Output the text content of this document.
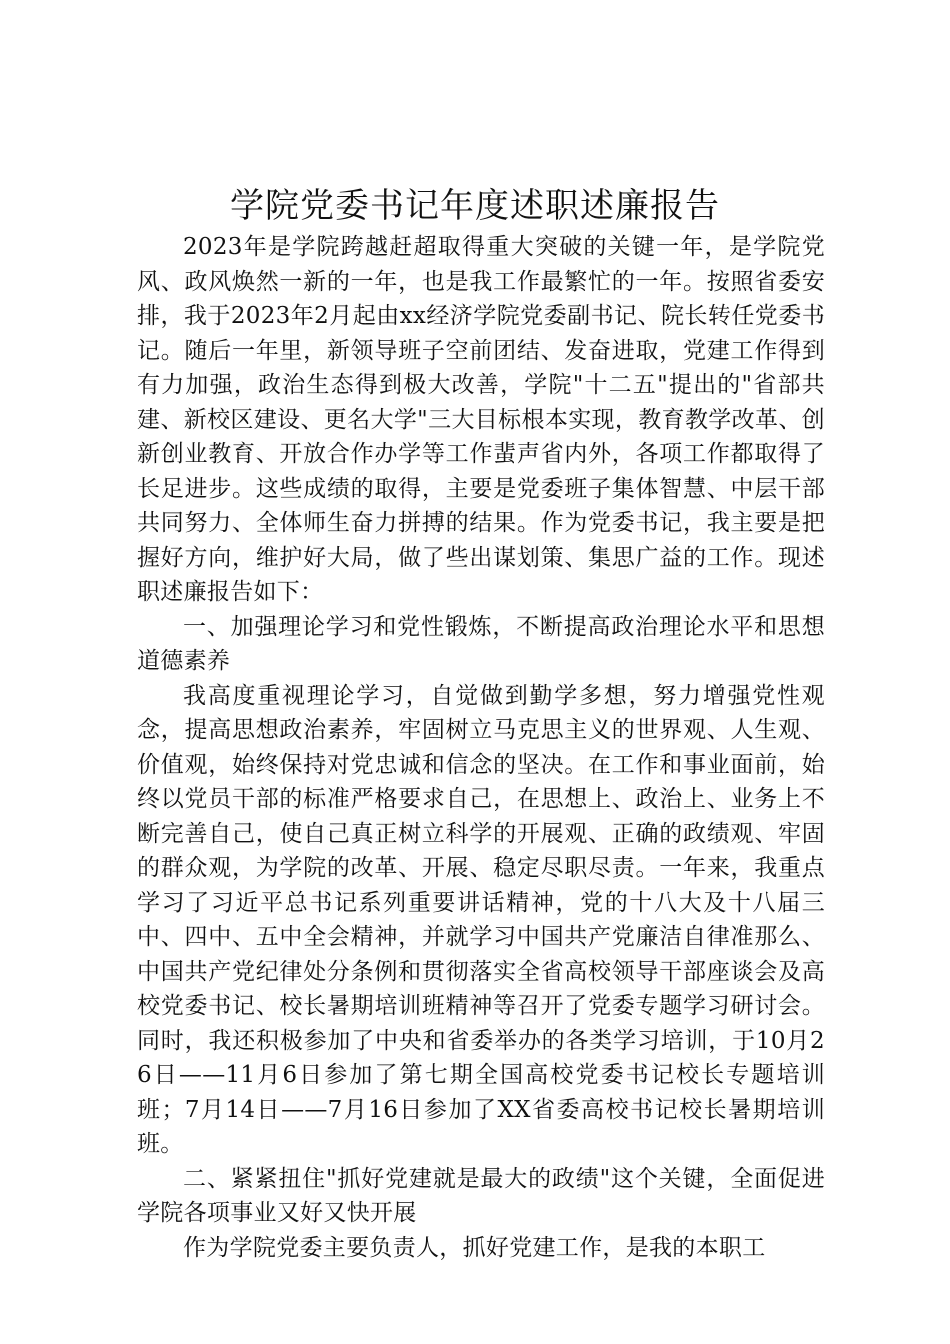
学院党委书记年度述职述廉报告

2023年是学院跨越赶超取得重大突破的关键一年，是学院党风、政风焕然一新的一年，也是我工作最繁忙的一年。按照省委安排，我于2023年2月起由xx经济学院党委副书记、院长转任党委书记。随后一年里，新领导班子空前团结、发奋进取，党建工作得到有力加强，政治生态得到极大改善，学院"十二五"提出的"省部共建、新校区建设、更名大学"三大目标根本实现，教育教学改革、创新创业教育、开放合作办学等工作蜚声省内外，各项工作都取得了长足进步。这些成绩的取得，主要是党委班子集体智慧、中层干部共同努力、全体师生奋力拼搏的结果。作为党委书记，我主要是把握好方向，维护好大局，做了些出谋划策、集思广益的工作。现述职述廉报告如下：

一、加强理论学习和党性锻炼，不断提高政治理论水平和思想道德素养

我高度重视理论学习，自觉做到勤学多想，努力增强党性观念，提高思想政治素养，牢固树立马克思主义的世界观、人生观、价值观，始终保持对党忠诚和信念的坚决。在工作和事业面前，始终以党员干部的标准严格要求自己，在思想上、政治上、业务上不断完善自己，使自己真正树立科学的开展观、正确的政绩观、牢固的群众观，为学院的改革、开展、稳定尽职尽责。一年来，我重点学习了习近平总书记系列重要讲话精神，党的十八大及十八届三中、四中、五中全会精神，并就学习中国共产党廉洁自律准那么、中国共产党纪律处分条例和贯彻落实全省高校领导干部座谈会及高校党委书记、校长暑期培训班精神等召开了党委专题学习研讨会。同时，我还积极参加了中央和省委举办的各类学习培训，于10月26日——11月6日参加了第七期全国高校党委书记校长专题培训班；7月14日——7月16日参加了XX省委高校书记校长暑期培训班。

二、紧紧扭住"抓好党建就是最大的政绩"这个关键，全面促进学院各项事业又好又快开展

作为学院党委主要负责人，抓好党建工作，是我的本职工
